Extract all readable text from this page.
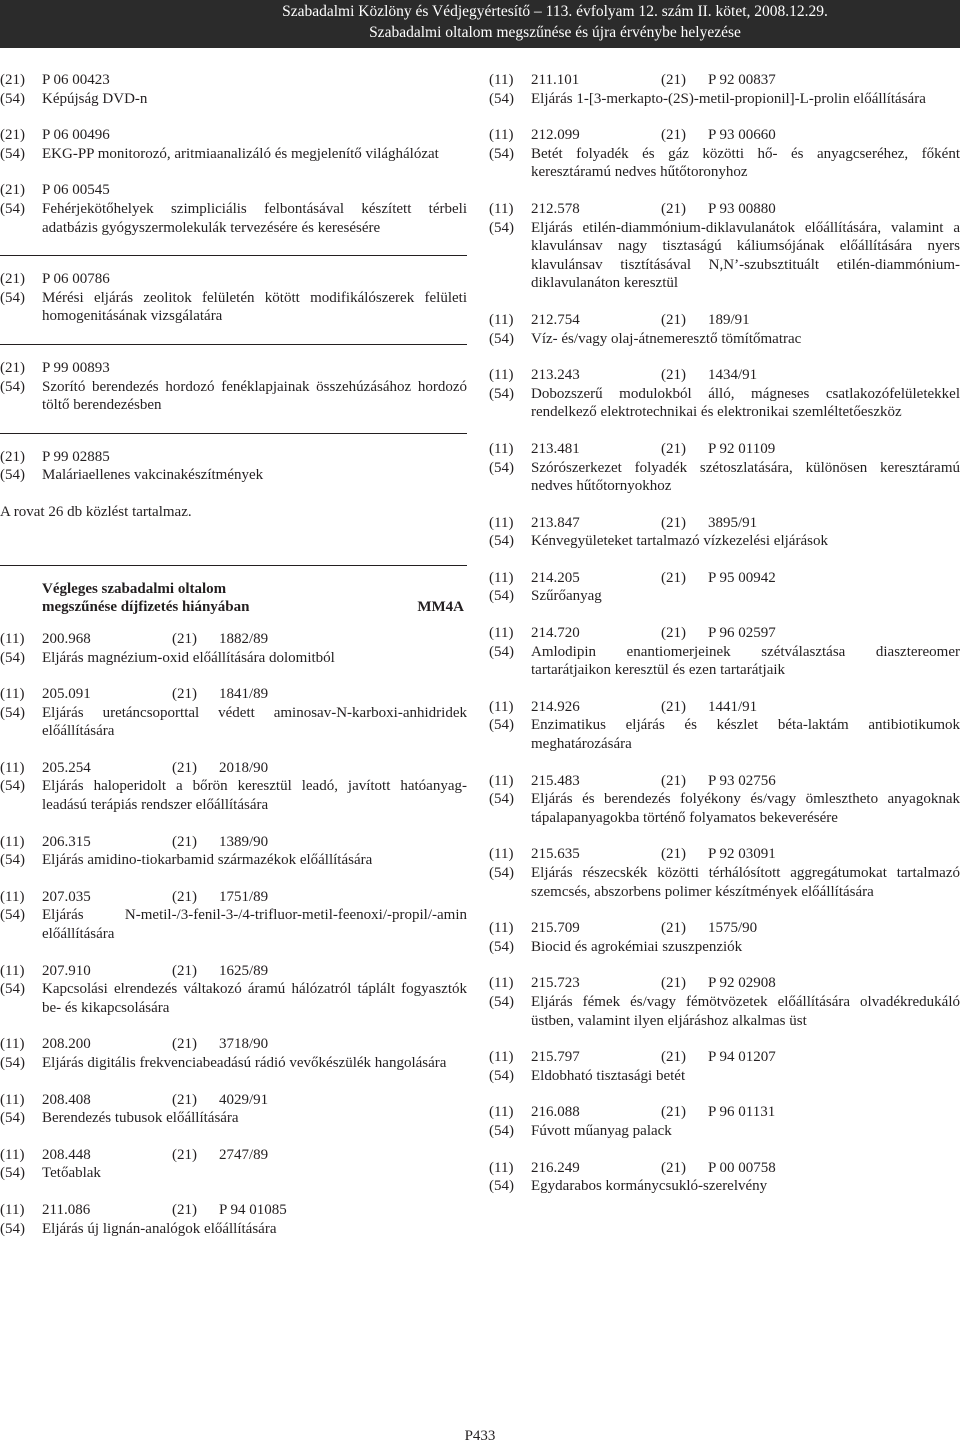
Szabadalmi Közlöny és Védjegyértesítő – 113. évfolyam 12. szám II. kötet, 2008.12.29.
Szabadalmi oltalom megszűnése és újra érvénybe helyezése
(21) P 06 00423
(54) Képújság DVD-n
(21) P 06 00496
(54) EKG-PP monitorozó, aritmiaanalizáló és megjelenítő világhálózat
(21) P 06 00545
(54) Fehérjekötőhelyek szimpliciális felbontásával készített térbeli adatbázis gyógyszermolekulák tervezésére és keresésére
(21) P 06 00786
(54) Mérési eljárás zeolitok felületén kötött modifikálószerek felületi homogenitásának vizsgálatára
(21) P 99 00893
(54) Szorító berendezés hordozó fenéklapjainak összehúzásához hordozó töltő berendezésben
(21) P 99 02885
(54) Maláriaellenes vakcinakészítmények
A rovat 26 db közlést tartalmaz.
Végleges szabadalmi oltalom
megszűnése díjfizetés hiányában	MM4A
(11) 200.968	(21) 1882/89
(54) Eljárás magnézium-oxid előállítására dolomitból
(11) 205.091	(21) 1841/89
(54) Eljárás uretáncsoporttal védett aminosav-N-karboxi-anhidridek előállítására
(11) 205.254	(21) 2018/90
(54) Eljárás haloperidolt a bőrön keresztül leadó, javított hatóanyag-leadású terápiás rendszer előállítására
(11) 206.315	(21) 1389/90
(54) Eljárás amidino-tiokarbamid származékok előállítására
(11) 207.035	(21) 1751/89
(54) Eljárás N-metil-/3-fenil-3-/4-trifluor-metil-feenoxi/-propil/-amin előállítására
(11) 207.910	(21) 1625/89
(54) Kapcsolási elrendezés váltakozó áramú hálózatról táplált fogyasztók be- és kikapcsolására
(11) 208.200	(21) 3718/90
(54) Eljárás digitális frekvenciabeadású rádió vevőkészülék hangolására
(11) 208.408	(21) 4029/91
(54) Berendezés tubusok előállítására
(11) 208.448	(21) 2747/89
(54) Tetőablak
(11) 211.086	(21) P 94 01085
(54) Eljárás új lignán-analógok előállítására
(11) 211.101	(21) P 92 00837
(54) Eljárás 1-[3-merkapto-(2S)-metil-propionil]-L-prolin előállítására
(11) 212.099	(21) P 93 00660
(54) Betét folyadék és gáz közötti hő- és anyagcseréhez, főként keresztáramú nedves hűtőtoronyhoz
(11) 212.578	(21) P 93 00880
(54) Eljárás etilén-diammónium-diklavulanátok előállítására, valamint a klavulánsav nagy tisztaságú káliumsójának előállítására nyers klavulánsav tisztításával N,N’-szubsztituált etilén-diammónium-diklavulanáton keresztül
(11) 212.754	(21) 189/91
(54) Víz- és/vagy olaj-átnemeresztő tömítőmatrac
(11) 213.243	(21) 1434/91
(54) Dobozszerű modulokból álló, mágneses csatlakozófelületekkel rendelkező elektrotechnikai és elektronikai szemléltetőeszköz
(11) 213.481	(21) P 92 01109
(54) Szórószerkezet folyadék szétoszlatására, különösen keresztáramú nedves hűtőtornyokhoz
(11) 213.847	(21) 3895/91
(54) Kénvegyületeket tartalmazó vízkezelési eljárások
(11) 214.205	(21) P 95 00942
(54) Szűrőanyag
(11) 214.720	(21) P 96 02597
(54) Amlodipin enantiomerjeinek szétválasztása diasztereomer tartarátjaikon keresztül és ezen tartarátjaik
(11) 214.926	(21) 1441/91
(54) Enzimatikus eljárás és készlet béta-laktám antibiotikumok meghatározására
(11) 215.483	(21) P 93 02756
(54) Eljárás és berendezés folyékony és/vagy ömlesztheto anyagoknak tápalapanyagokba történő folyamatos bekeverésére
(11) 215.635	(21) P 92 03091
(54) Eljárás részecskék közötti térhálósított aggregátumokat tartalmazó szemcsés, abszorbens polimer készítmények előállítására
(11) 215.709	(21) 1575/90
(54) Biocid és agrokémiai szuszpenziók
(11) 215.723	(21) P 92 02908
(54) Eljárás fémek és/vagy fémötvözetek előállítására olvadékredukáló üstben, valamint ilyen eljáráshoz alkalmas üst
(11) 215.797	(21) P 94 01207
(54) Eldobható tisztasági betét
(11) 216.088	(21) P 96 01131
(54) Fúvott műanyag palack
(11) 216.249	(21) P 00 00758
(54) Egydarabos kormánycsukló-szerelvény
P433
